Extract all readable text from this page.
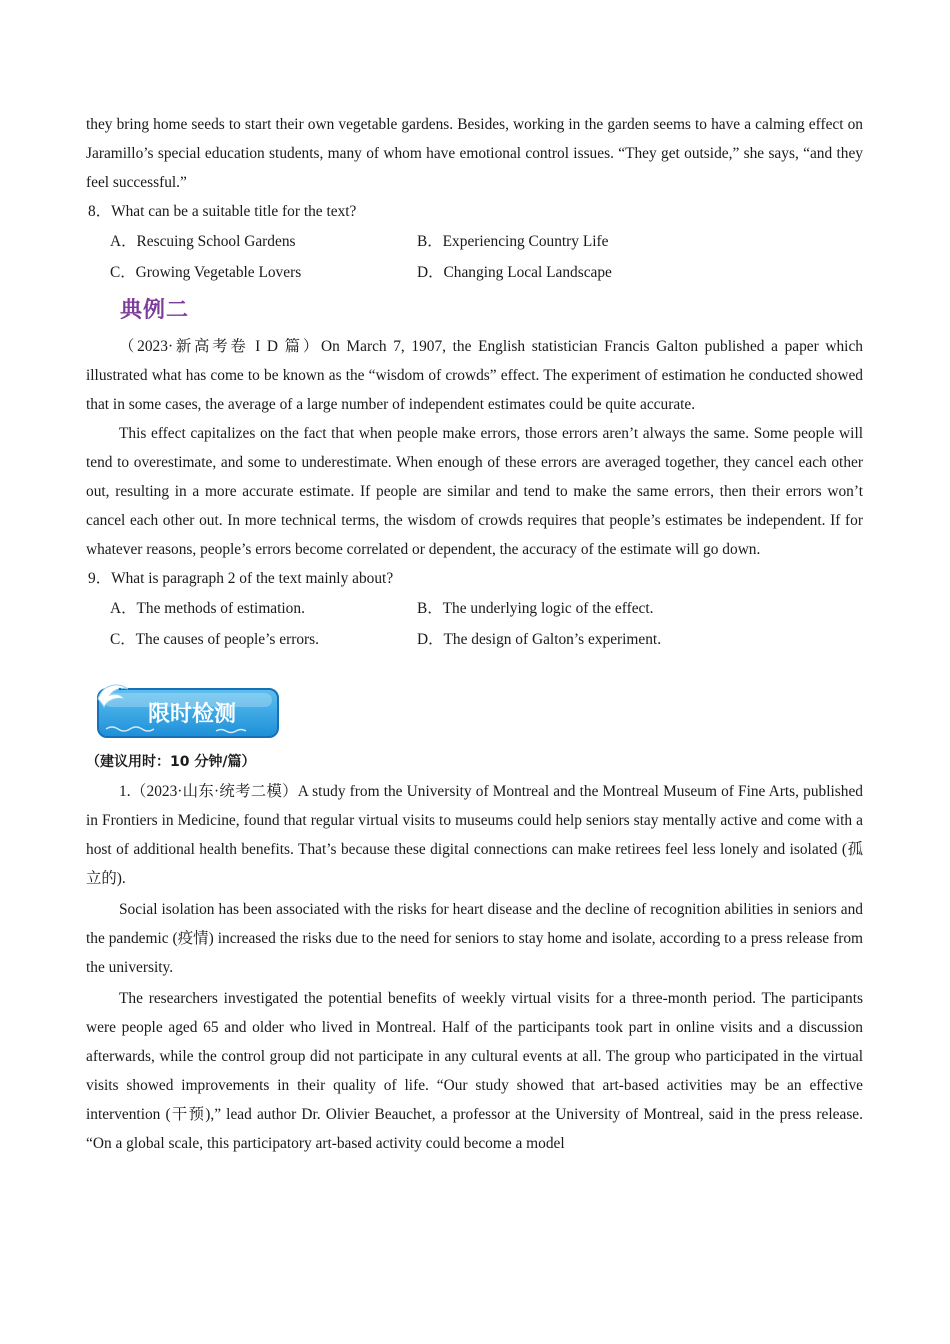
they bring home seeds to start their own vegetable gardens. Besides, working in the garden seems to have a calming effect on Jaramillo’s special education students, many of whom have emotional control issues. “They get outside,” she says, “and they feel successful.”

8．What can be a suitable title for the text?

A．Rescuing School Gardens	B．Experiencing Country Life
C．Growing Vegetable Lovers	D．Changing Local Landscape
典例二

（2023·新高考卷 I D 篇）On March 7, 1907, the English statistician Francis Galton published a paper which illustrated what has come to be known as the “wisdom of crowds” effect. The experiment of estimation he conducted showed that in some cases, the average of a large number of independent estimates could be quite accurate.

This effect capitalizes on the fact that when people make errors, those errors aren’t always the same. Some people will tend to overestimate, and some to underestimate. When enough of these errors are averaged together, they cancel each other out, resulting in a more accurate estimate. If people are similar and tend to make the same errors, then their errors won’t cancel each other out. In more technical terms, the wisdom of crowds requires that people’s estimates be independent. If for whatever reasons, people’s errors become correlated or dependent, the accuracy of the estimate will go down.

9．What is paragraph 2 of the text mainly about?

A．The methods of estimation.	B．The underlying logic of the effect.
C．The causes of people’s errors.	D．The design of Galton’s experiment.
限时检测
（建议用时：10 分钟/篇）

1.（2023·山东·统考二模）A study from the University of Montreal and the Montreal Museum of Fine Arts, published in Frontiers in Medicine, found that regular virtual visits to museums could help seniors stay mentally active and come with a host of additional health benefits. That’s because these digital connections can make retirees feel less lonely and isolated (孤立的).

Social isolation has been associated with the risks for heart disease and the decline of recognition abilities in seniors and the pandemic (疫情) increased the risks due to the need for seniors to stay home and isolate, according to a press release from the university.

The researchers investigated the potential benefits of weekly virtual visits for a three-month period. The participants were people aged 65 and older who lived in Montreal. Half of the participants took part in online visits and a discussion afterwards, while the control group did not participate in any cultural events at all. The group who participated in the virtual visits showed improvements in their quality of life. “Our study showed that art-based activities may be an effective intervention (干预),” lead author Dr. Olivier Beauchet, a professor at the University of Montreal, said in the press release. “On a global scale, this participatory art-based activity could become a model
